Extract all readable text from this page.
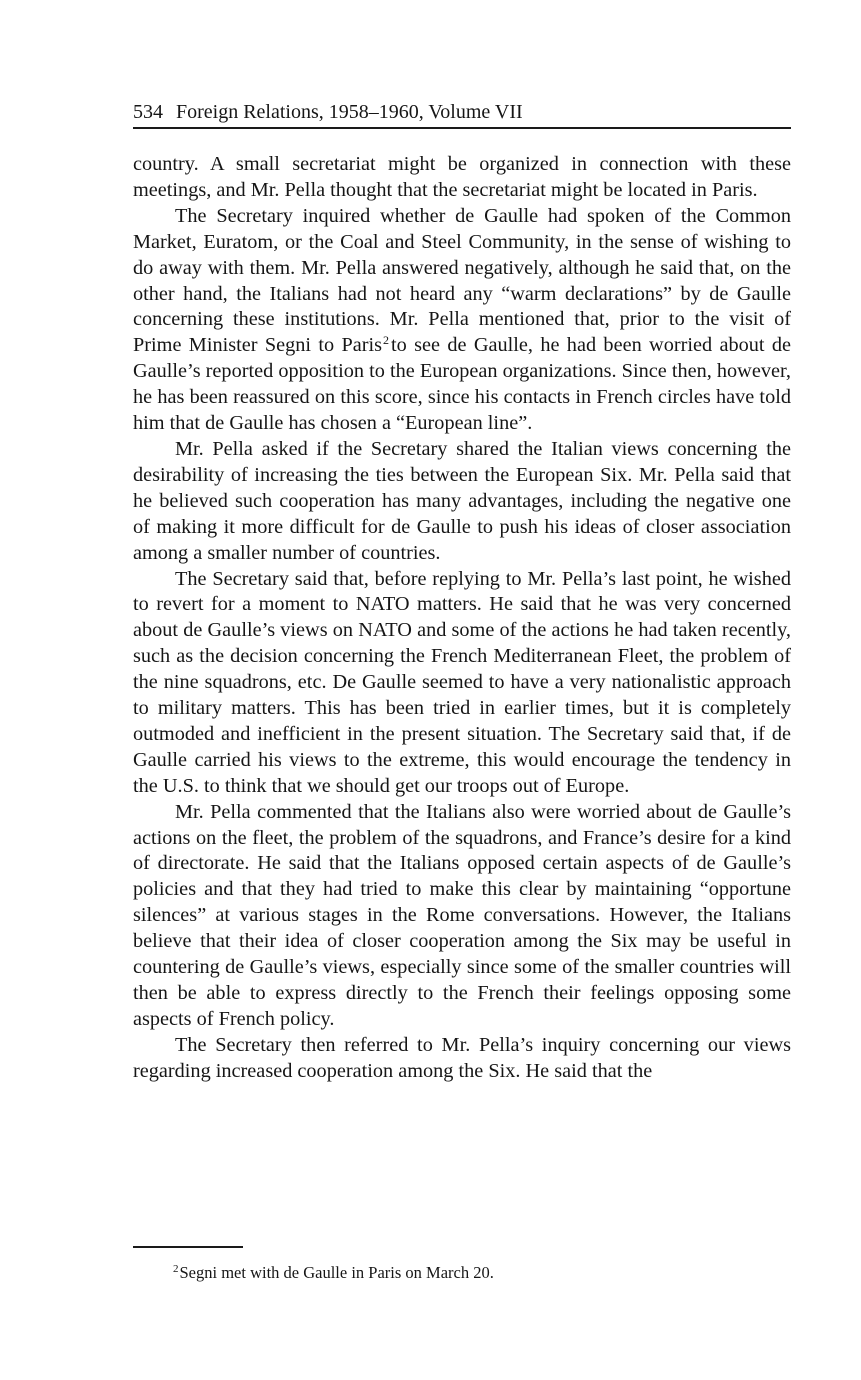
534 Foreign Relations, 1958–1960, Volume VII

country. A small secretariat might be organized in connection with these meetings, and Mr. Pella thought that the secretariat might be located in Paris.

The Secretary inquired whether de Gaulle had spoken of the Common Market, Euratom, or the Coal and Steel Community, in the sense of wishing to do away with them. Mr. Pella answered negatively, although he said that, on the other hand, the Italians had not heard any “warm declarations” by de Gaulle concerning these institutions. Mr. Pella mentioned that, prior to the visit of Prime Minister Segni to Paris$^2$to see de Gaulle, he had been worried about de Gaulle’s reported opposition to the European organizations. Since then, however, he has been reassured on this score, since his contacts in French circles have told him that de Gaulle has chosen a “European line”.

Mr. Pella asked if the Secretary shared the Italian views concerning the desirability of increasing the ties between the European Six. Mr. Pella said that he believed such cooperation has many advantages, including the negative one of making it more difficult for de Gaulle to push his ideas of closer association among a smaller number of countries.

The Secretary said that, before replying to Mr. Pella’s last point, he wished to revert for a moment to NATO matters. He said that he was very concerned about de Gaulle’s views on NATO and some of the actions he had taken recently, such as the decision concerning the French Mediterranean Fleet, the problem of the nine squadrons, etc. De Gaulle seemed to have a very nationalistic approach to military matters. This has been tried in earlier times, but it is completely outmoded and inefficient in the present situation. The Secretary said that, if de Gaulle carried his views to the extreme, this would encourage the tendency in the U.S. to think that we should get our troops out of Europe.

Mr. Pella commented that the Italians also were worried about de Gaulle’s actions on the fleet, the problem of the squadrons, and France’s desire for a kind of directorate. He said that the Italians opposed certain aspects of de Gaulle’s policies and that they had tried to make this clear by maintaining “opportune silences” at various stages in the Rome conversations. However, the Italians believe that their idea of closer cooperation among the Six may be useful in countering de Gaulle’s views, especially since some of the smaller countries will then be able to express directly to the French their feelings opposing some aspects of French policy.

The Secretary then referred to Mr. Pella’s inquiry concerning our views regarding increased cooperation among the Six. He said that the

$^2$Segni met with de Gaulle in Paris on March 20.
